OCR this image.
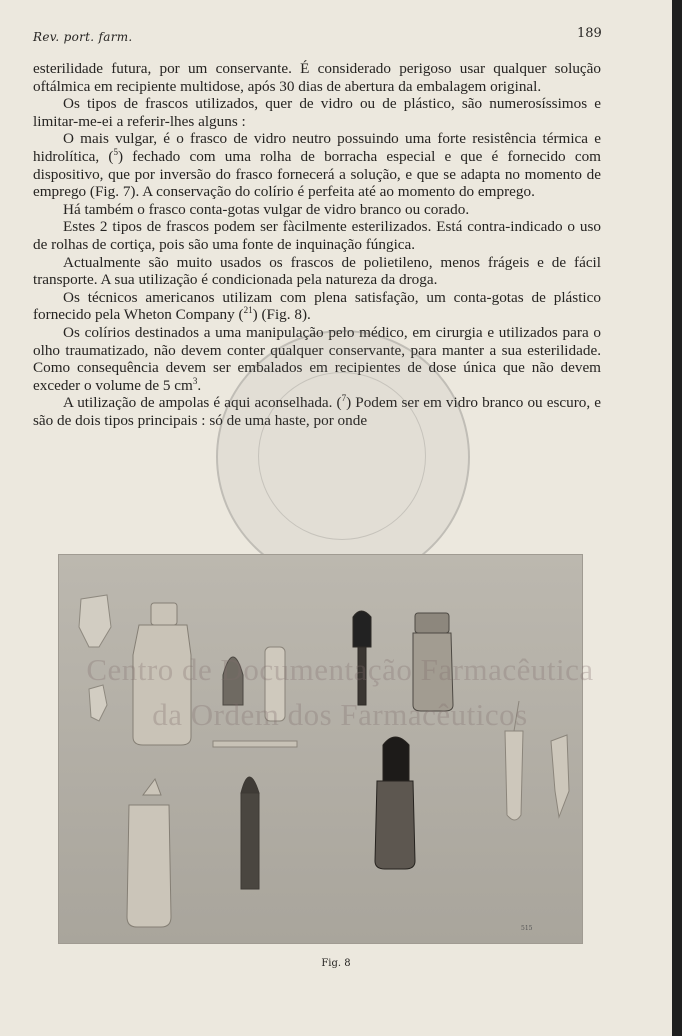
Rev. port. farm.	189

esterilidade futura, por um conservante. É considerado perigoso usar qualquer solução oftálmica em recipiente multidose, após 30 dias de abertura da embalagem original.

Os tipos de frascos utilizados, quer de vidro ou de plástico, são numerosíssimos e limitar-me-ei a referir-lhes alguns :

O mais vulgar, é o frasco de vidro neutro possuindo uma forte resistência térmica e hidrolítica, ($^5$) fechado com uma rolha de borracha especial e que é fornecido com dispositivo, que por inversão do frasco fornecerá a solução, e que se adapta no momento de emprego (Fig. 7). A conservação do colírio é perfeita até ao momento do emprego.

Há também o frasco conta-gotas vulgar de vidro branco ou corado.

Estes 2 tipos de frascos podem ser fàcilmente esterilizados. Está contra-indicado o uso de rolhas de cortiça, pois são uma fonte de inquinação fúngica.

Actualmente são muito usados os frascos de polietileno, menos frágeis e de fácil transporte. A sua utilização é condicionada pela natureza da droga.

Os técnicos americanos utilizam com plena satisfação, um conta-gotas de plástico fornecido pela Wheton Company ($^{21}$) (Fig. 8).

Os colírios destinados a uma manipulação pelo médico, em cirurgia e utilizados para o olho traumatizado, não devem conter qualquer conservante, para manter a sua esterilidade. Como consequência devem ser embalados em recipientes de dose única que não devem exceder o volume de 5 $cm^3$.

A utilização de ampolas é aqui aconselhada. ($^7$) Podem ser em vidro branco ou escuro, e são de dois tipos principais : só de uma haste, por onde

515
Fig. 8
Centro de Documentação Farmacêutica
da Ordem dos Farmacêuticos
